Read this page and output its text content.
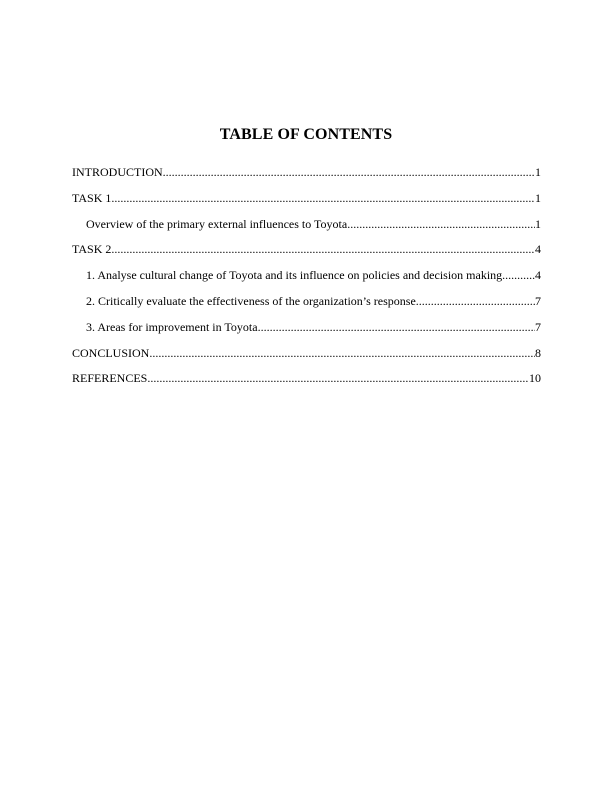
TABLE OF CONTENTS
INTRODUCTION .....	1
TASK 1 .....	1
Overview of the primary external influences to Toyota .....	1
TASK 2 .....	4
1. Analyse cultural change of Toyota and its influence on policies and decision making. ..... 4
2. Critically evaluate the effectiveness of the organization’s response .....	7
3. Areas for improvement in Toyota .....	7
CONCLUSION .....	8
REFERENCES .....	10
